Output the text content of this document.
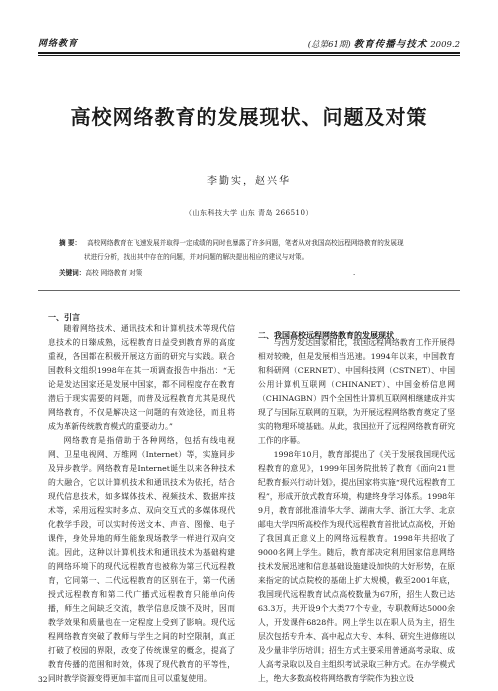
网络教育	(总第61期) 教育传播与技术 2009.2
高校网络教育的发展现状、问题及对策
李勤实，赵兴华
（山东科技大学 山东 青岛 266510）
摘 要： 高校网络教育在飞速发展并取得一定成绩的同时也暴露了许多问题，笔者从对我国高校远程网络教育的发展现
状进行分析，找出其中存在的问题，并对问题的解决提出相应的建议与对策。
·
关键词：高校 网络教育 对策
一、引言

随着网络技术、通讯技术和计算机技术等现代信息技术的日臻成熟，远程教育日益受到教育界的高度重视，各国都在积极开展这方面的研究与实践。联合国教科文组织1998年在其一项调查报告中指出：“无论是发达国家还是发展中国家，都不同程度存在教育潜后于现实需要的问题，而普及远程教育尤其是现代网络教育，不仅是解决这一问题的有效途径，而且将成为革新传统教育模式的重要动力。”

网络教育是指借助于各种网络，包括有线电视网、卫星电视网、万维网（Internet）等，实施同步及异步教学。网络教育是Internet诞生以来各种技术的大融合，它以计算机技术和通讯技术为依托，结合现代信息技术，如多媒体技术、视频技术、数据库技术等，采用远程实时多点、双向交互式的多媒体现代化教学手段，可以实时传送文本、声音、图像、电子课件，身处异地的师生能象现场教学一样进行双向交流。因此，这种以计算机技术和通讯技术为基础构建的网络环境下的现代远程教育也被称为第三代远程教育，它同第一、二代远程教育的区别在于，第一代函授式远程教育和第二代广播式远程教育只能单向传播，师生之间缺乏交流，教学信息反馈不及时，因而教学效果和质量也在一定程度上受到了影响。现代远程网络教育突破了教师与学生之间的时空限制，真正打破了校园的界限，改变了传统课堂的概念，提高了教育传播的范围和时效，体现了现代教育的平等性，同时教学资源变得更加丰富而且可以重复使用。

二、我国高校远程网络教育的发展现状

与西方发达国家相比，我国远程网络教育工作开展得相对较晚，但是发展相当迅速。1994年以来，中国教育和科研网（CERNET）、中国科技网（CSTNET）、中国公用计算机互联网（CHINANET）、中国金桥信息网（CHINAGBN）四个全国性计算机互联网相继建成并实现了与国际互联网的互联，为开展远程网络教育奠定了坚实的物理环境基础。从此，我国拉开了远程网络教育研究工作的序幕。

1998年10月，教育部提出了《关于发展我国现代远程教育的意见》，1999年国务院批转了教育《面向21世纪教育振兴行动计划》，提出国家将实施“现代远程教育工程”，形成开放式教育环境，构建终身学习体系。1998年9月，教育部批准清华大学、湖南大学、浙江大学、北京邮电大学四所高校作为现代远程教育首批试点高校，开始了我国真正意义上的网络远程教育。1998年共招收了9000名网上学生。随后，教育部决定利用国家信息网络技术发展迅速和信息基础设施建设加快的大好形势，在原来指定的试点院校的基础上扩大规模，截至2001年底，我国现代远程教育试点高校数量为67所，招生人数已达63.3万，共开设9个大类77个专业，专职教师达5000余人，开发课件6828件。网上学生以在职人员为主，招生层次包括专升本、高中起点大专、本科、研究生进修班以及少量非学历培训；招生方式主要采用普通高考录取、成人高考录取以及自主组织考试录取三种方式。在办学模式上，绝大多数高校将网络教育学院作为独立设

32
